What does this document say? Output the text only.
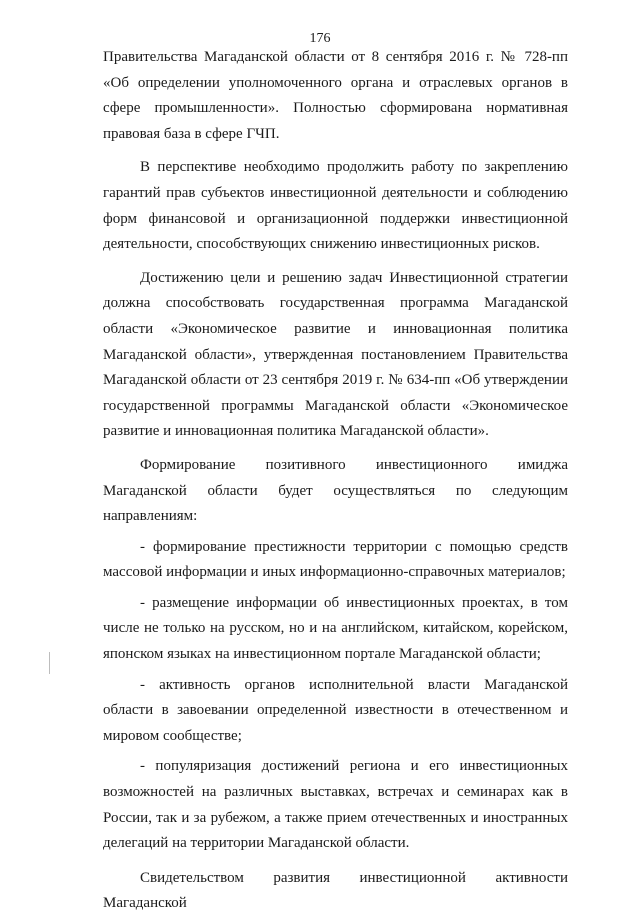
176

Правительства Магаданской области от 8 сентября 2016 г. № 728-пп «Об определении уполномоченного органа и отраслевых органов в сфере промышленности». Полностью сформирована нормативная правовая база в сфере ГЧП.

В перспективе необходимо продолжить работу по закреплению гарантий прав субъектов инвестиционной деятельности и соблюдению форм финансовой и организационной поддержки инвестиционной деятельности, способствующих снижению инвестиционных рисков.

Достижению цели и решению задач Инвестиционной стратегии должна способствовать государственная программа Магаданской области «Экономическое развитие и инновационная политика Магаданской области», утвержденная постановлением Правительства Магаданской области от 23 сентября 2019 г. № 634-пп «Об утверждении государственной программы Магаданской области «Экономическое развитие и инновационная политика Магаданской области».

Формирование позитивного инвестиционного имиджа Магаданской области будет осуществляться по следующим направлениям:

- формирование престижности территории с помощью средств массовой информации и иных информационно-справочных материалов;

- размещение информации об инвестиционных проектах, в том числе не только на русском, но и на английском, китайском, корейском, японском языках на инвестиционном портале Магаданской области;

- активность органов исполнительной власти Магаданской области в завоевании определенной известности в отечественном и мировом сообществе;

- популяризация достижений региона и его инвестиционных возможностей на различных выставках, встречах и семинарах как в России, так и за рубежом, а также прием отечественных и иностранных делегаций на территории Магаданской области.

Свидетельством развития инвестиционной активности Магаданской
